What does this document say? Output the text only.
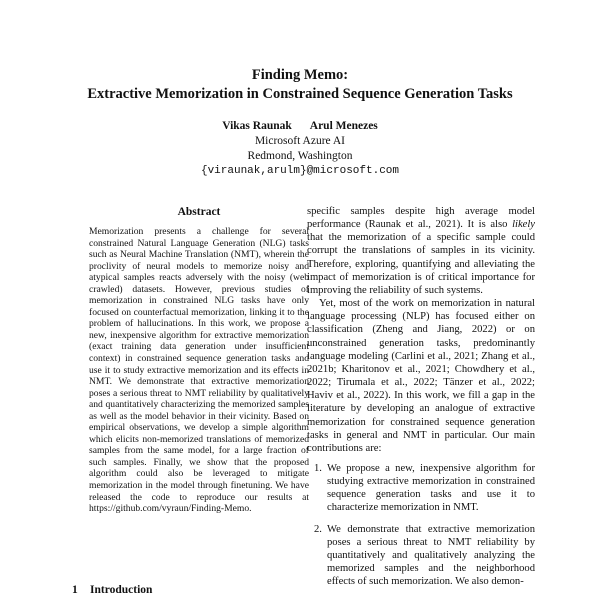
Finding Memo:
Extractive Memorization in Constrained Sequence Generation Tasks
Vikas Raunak Arul Menezes
Microsoft Azure AI
Redmond, Washington
{viraunak,arulm}@microsoft.com
Abstract
Memorization presents a challenge for several constrained Natural Language Generation (NLG) tasks such as Neural Machine Translation (NMT), wherein the proclivity of neural models to memorize noisy and atypical samples reacts adversely with the noisy (web crawled) datasets. However, previous studies of memorization in constrained NLG tasks have only focused on counterfactual memorization, linking it to the problem of hallucinations. In this work, we propose a new, inexpensive algorithm for extractive memorization (exact training data generation under insufficient context) in constrained sequence generation tasks and use it to study extractive memorization and its effects in NMT. We demonstrate that extractive memorization poses a serious threat to NMT reliability by qualitatively and quantitatively characterizing the memorized samples as well as the model behavior in their vicinity. Based on empirical observations, we develop a simple algorithm which elicits non-memorized translations of memorized samples from the same model, for a large fraction of such samples. Finally, we show that the proposed algorithm could also be leveraged to mitigate memorization in the model through finetuning. We have released the code to reproduce our results at https://github.com/vyraun/Finding-Memo.
1 Introduction

specific samples despite high average model performance (Raunak et al., 2021). It is also likely that the memorization of a specific sample could corrupt the translations of samples in its vicinity. Therefore, exploring, quantifying and alleviating the impact of memorization is of critical importance for improving the reliability of such systems.

Yet, most of the work on memorization in natural language processing (NLP) has focused either on classification (Zheng and Jiang, 2022) or on unconstrained generation tasks, predominantly language modeling (Carlini et al., 2021; Zhang et al., 2021b; Kharitonov et al., 2021; Chowdhery et al., 2022; Tirumala et al., 2022; Tänzer et al., 2022; Haviv et al., 2022). In this work, we fill a gap in the literature by developing an analogue of extractive memorization for constrained sequence generation tasks in general and NMT in particular. Our main contributions are:

1. We propose a new, inexpensive algorithm for studying extractive memorization in constrained sequence generation tasks and use it to characterize memorization in NMT.
2. We demonstrate that extractive memorization poses a serious threat to NMT reliability by quantitatively and qualitatively analyzing the memorized samples and the neighborhood effects of such memorization. We also demon-
